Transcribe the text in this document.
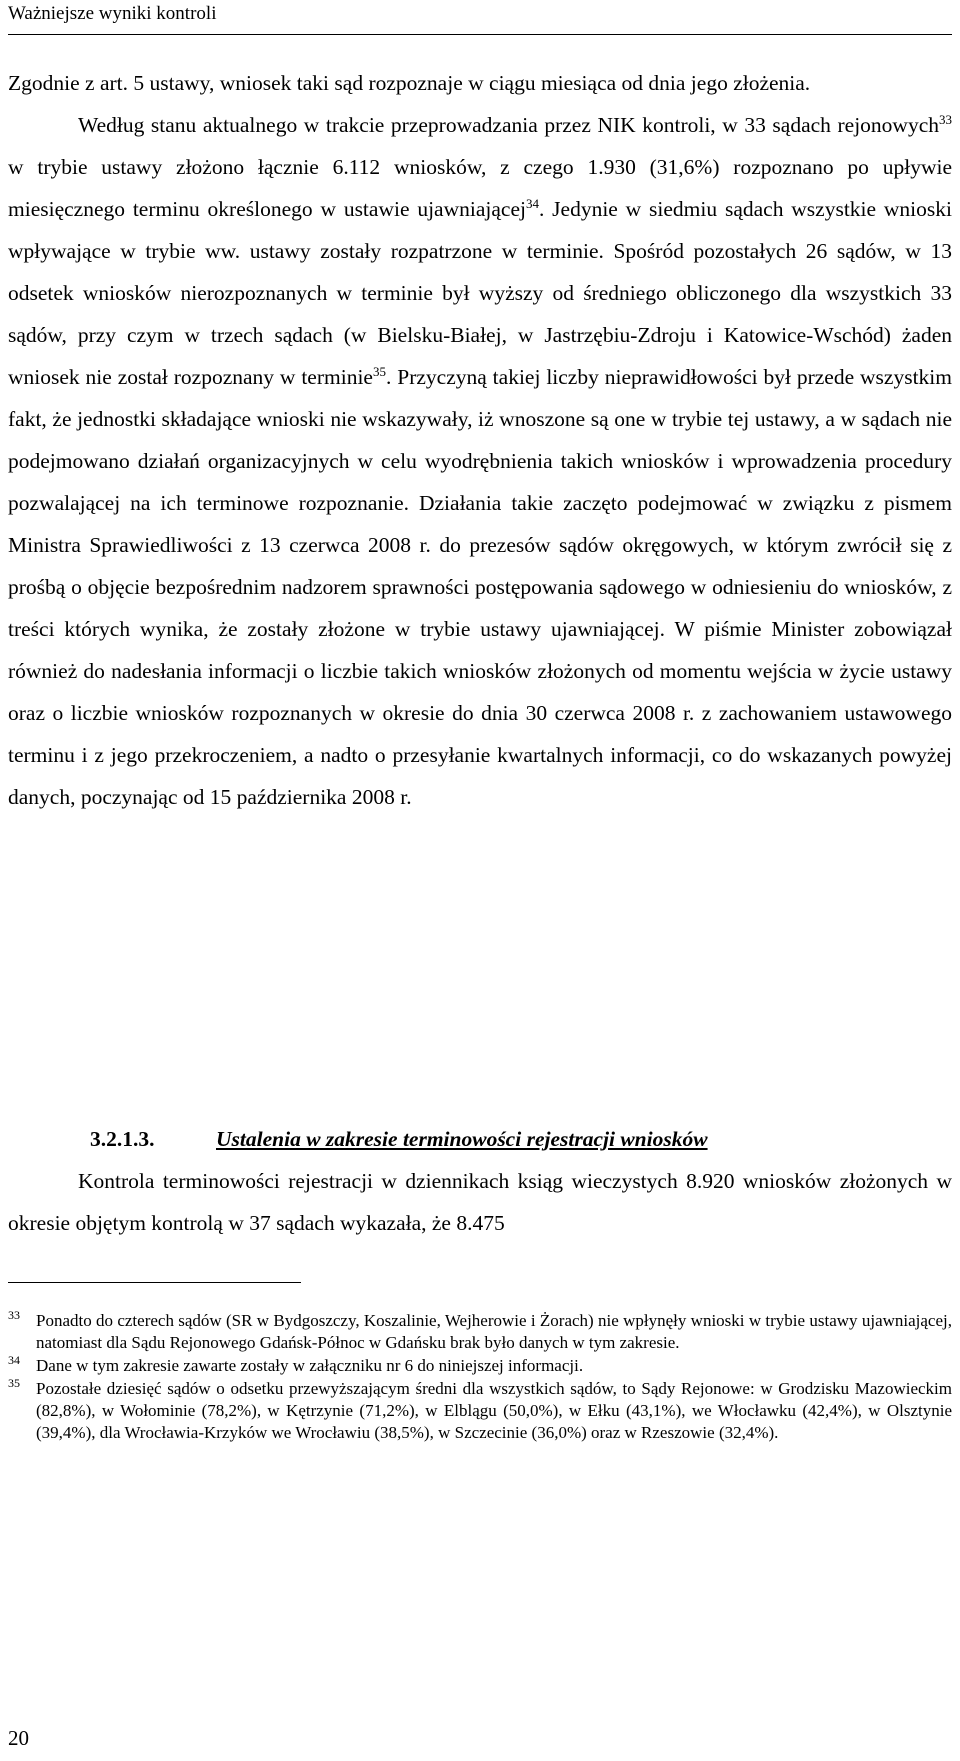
Ważniejsze wyniki kontroli

Zgodnie z art. 5 ustawy, wniosek taki sąd rozpoznaje w ciągu miesiąca od dnia jego złożenia.

Według stanu aktualnego w trakcie przeprowadzania przez NIK kontroli, w 33 sądach rejonowych$^{33}$ w trybie ustawy złożono łącznie 6.112 wniosków, z czego 1.930 (31,6%) rozpoznano po upływie miesięcznego terminu określonego w ustawie ujawniającej$^{34}$. Jedynie w siedmiu sądach wszystkie wnioski wpływające w trybie ww. ustawy zostały rozpatrzone w terminie. Spośród pozostałych 26 sądów, w 13 odsetek wniosków nierozpoznanych w terminie był wyższy od średniego obliczonego dla wszystkich 33 sądów, przy czym w trzech sądach (w Bielsku-Białej, w Jastrzębiu-Zdroju i Katowice-Wschód) żaden wniosek nie został rozpoznany w terminie$^{35}$. Przyczyną takiej liczby nieprawidłowości był przede wszystkim fakt, że jednostki składające wnioski nie wskazywały, iż wnoszone są one w trybie tej ustawy, a w sądach nie podejmowano działań organizacyjnych w celu wyodrębnienia takich wniosków i wprowadzenia procedury pozwalającej na ich terminowe rozpoznanie. Działania takie zaczęto podejmować w związku z pismem Ministra Sprawiedliwości z 13 czerwca 2008 r. do prezesów sądów okręgowych, w którym zwrócił się z prośbą o objęcie bezpośrednim nadzorem sprawności postępowania sądowego w odniesieniu do wniosków, z treści których wynika, że zostały złożone w trybie ustawy ujawniającej. W piśmie Minister zobowiązał również do nadesłania informacji o liczbie takich wniosków złożonych od momentu wejścia w życie ustawy oraz o liczbie wniosków rozpoznanych w okresie do dnia 30 czerwca 2008 r. z zachowaniem ustawowego terminu i z jego przekroczeniem, a nadto o przesyłanie kwartalnych informacji, co do wskazanych powyżej danych, poczynając od 15 października 2008 r.

3.2.1.3.	Ustalenia w zakresie terminowości rejestracji wniosków

Kontrola terminowości rejestracji w dziennikach ksiąg wieczystych 8.920 wniosków złożonych w okresie objętym kontrolą w 37 sądach wykazała, że 8.475

33 Ponadto do czterech sądów (SR w Bydgoszczy, Koszalinie, Wejherowie i Żorach) nie wpłynęły wnioski w trybie ustawy ujawniającej, natomiast dla Sądu Rejonowego Gdańsk-Północ w Gdańsku brak było danych w tym zakresie.
34 Dane w tym zakresie zawarte zostały w załączniku nr 6 do niniejszej informacji.
35 Pozostałe dziesięć sądów o odsetku przewyższającym średni dla wszystkich sądów, to Sądy Rejonowe: w Grodzisku Mazowieckim (82,8%), w Wołominie (78,2%), w Kętrzynie (71,2%), w Elblągu (50,0%), w Ełku (43,1%), we Włocławku (42,4%), w Olsztynie (39,4%), dla Wrocławia-Krzyków we Wrocławiu (38,5%), w Szczecinie (36,0%) oraz w Rzeszowie (32,4%).
20
